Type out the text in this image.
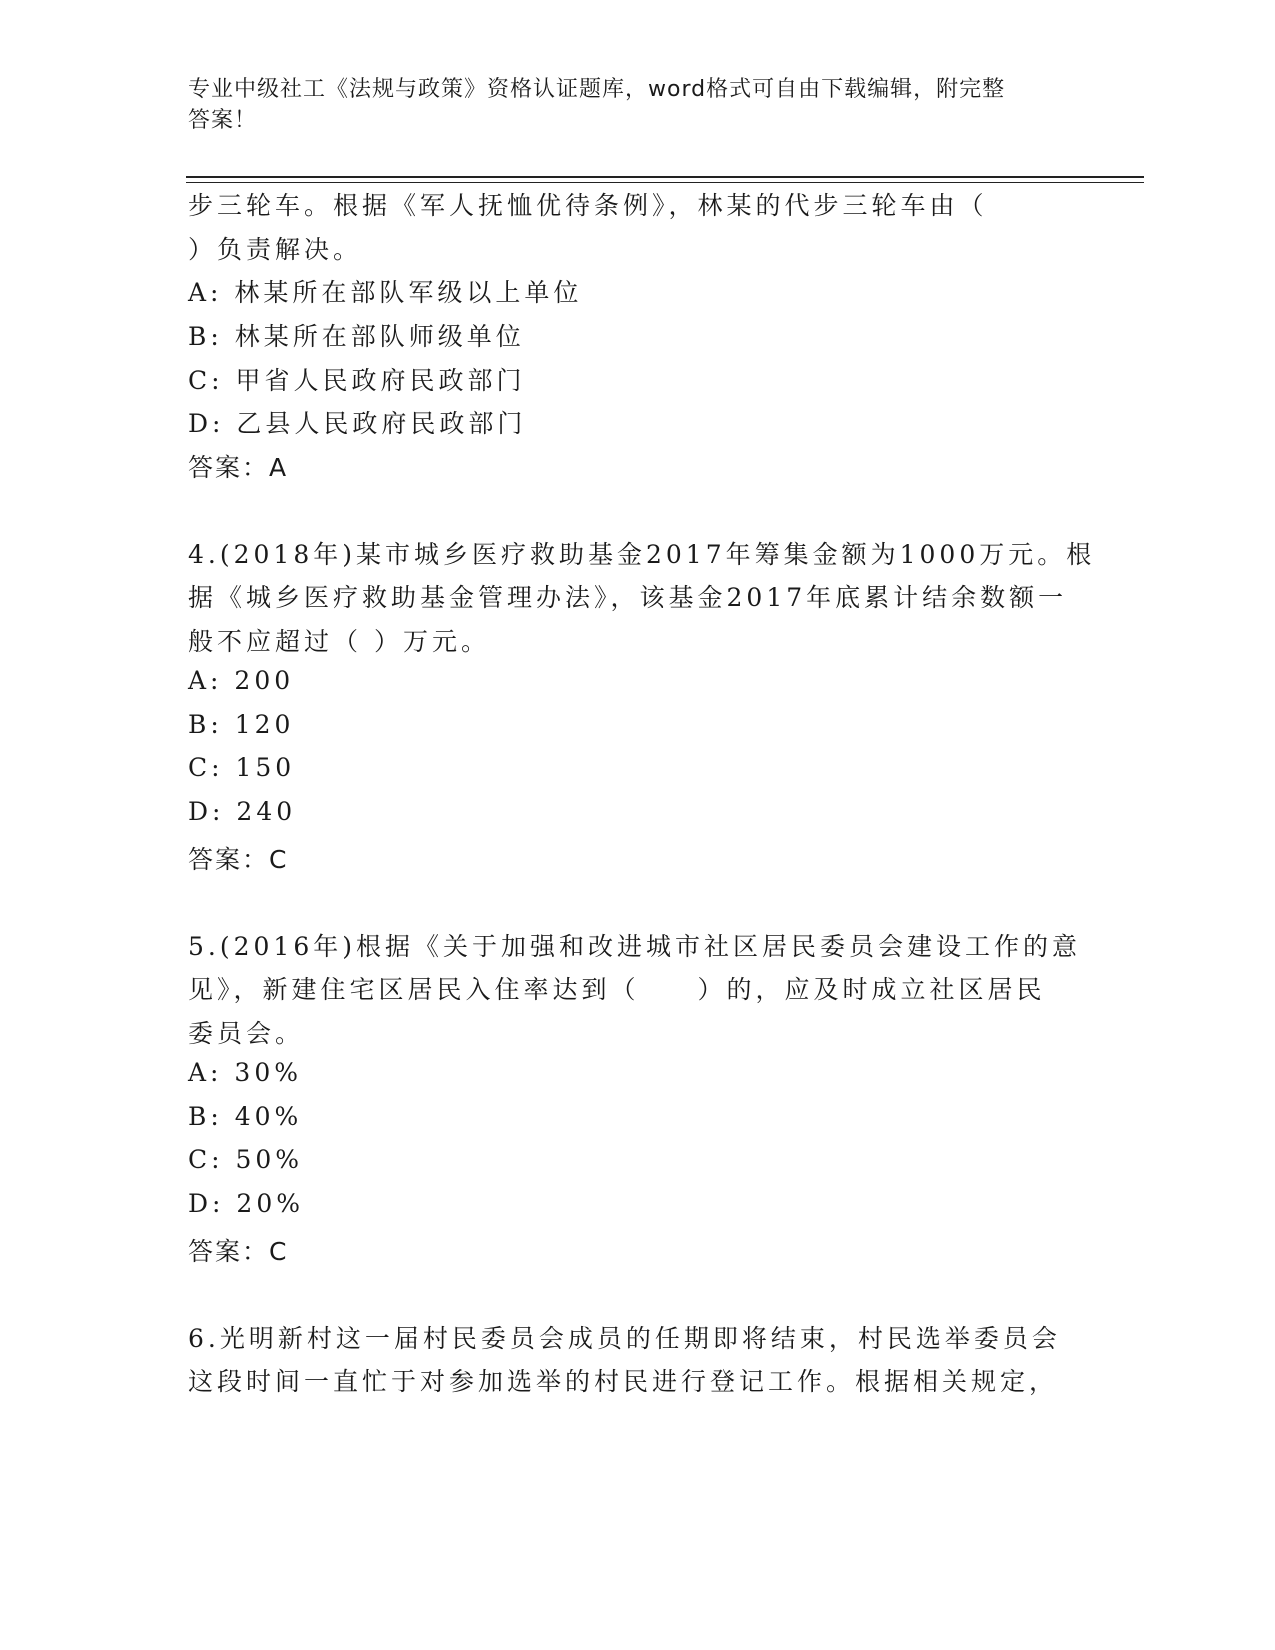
专业中级社工《法规与政策》资格认证题库，word格式可自由下载编辑，附完整
答案！
步三轮车。根据《军人抚恤优待条例》，林某的代步三轮车由（
）负责解决。
A: 林某所在部队军级以上单位
B: 林某所在部队师级单位
C: 甲省人民政府民政部门
D: 乙县人民政府民政部门
答案：A
4.(2018年)某市城乡医疗救助基金2017年筹集金额为1000万元。根
据《城乡医疗救助基金管理办法》，该基金2017年底累计结余数额一
般不应超过（ ）万元。
A: 200
B: 120
C: 150
D: 240
答案：C
5.(2016年)根据《关于加强和改进城市社区居民委员会建设工作的意
见》，新建住宅区居民入住率达到（　　）的，应及时成立社区居民
委员会。
A: 30%
B: 40%
C: 50%
D: 20%
答案：C
6.光明新村这一届村民委员会成员的任期即将结束，村民选举委员会
这段时间一直忙于对参加选举的村民进行登记工作。根据相关规定，
